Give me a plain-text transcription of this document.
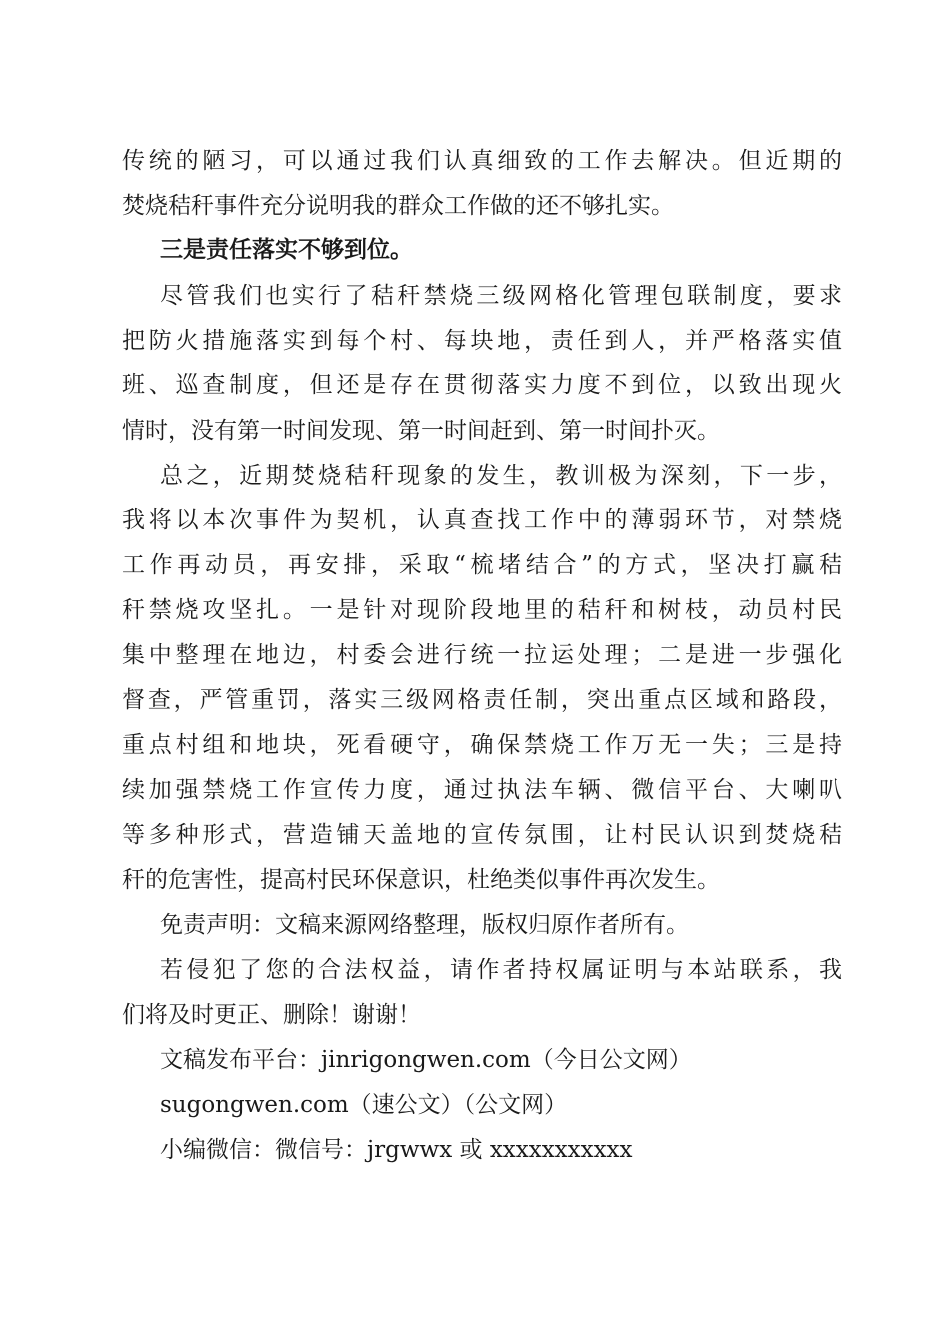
传统的陋习，可以通过我们认真细致的工作去解决。但近期的
焚烧秸秆事件充分说明我的群众工作做的还不够扎实。
三是责任落实不够到位。
尽管我们也实行了秸秆禁烧三级网格化管理包联制度，要求
把防火措施落实到每个村、每块地，责任到人，并严格落实值
班、巡查制度，但还是存在贯彻落实力度不到位，以致出现火
情时，没有第一时间发现、第一时间赶到、第一时间扑灭。
总之，近期焚烧秸秆现象的发生，教训极为深刻，下一步，
我将以本次事件为契机，认真查找工作中的薄弱环节，对禁烧
工作再动员，再安排，采取“梳堵结合”的方式，坚决打赢秸
秆禁烧攻坚扎。一是针对现阶段地里的秸秆和树枝，动员村民
集中整理在地边，村委会进行统一拉运处理；二是进一步强化
督查，严管重罚，落实三级网格责任制，突出重点区域和路段，
重点村组和地块，死看硬守，确保禁烧工作万无一失；三是持
续加强禁烧工作宣传力度，通过执法车辆、微信平台、大喇叭
等多种形式，营造铺天盖地的宣传氛围，让村民认识到焚烧秸
秆的危害性，提高村民环保意识，杜绝类似事件再次发生。
免责声明：文稿来源网络整理，版权归原作者所有。
若侵犯了您的合法权益，请作者持权属证明与本站联系，我
们将及时更正、删除！谢谢！
文稿发布平台：jinrigongwen.com（今日公文网）
sugongwen.com（速公文）（公文网）
小编微信：微信号：jrgwwx 或 xxxxxxxxxxx
